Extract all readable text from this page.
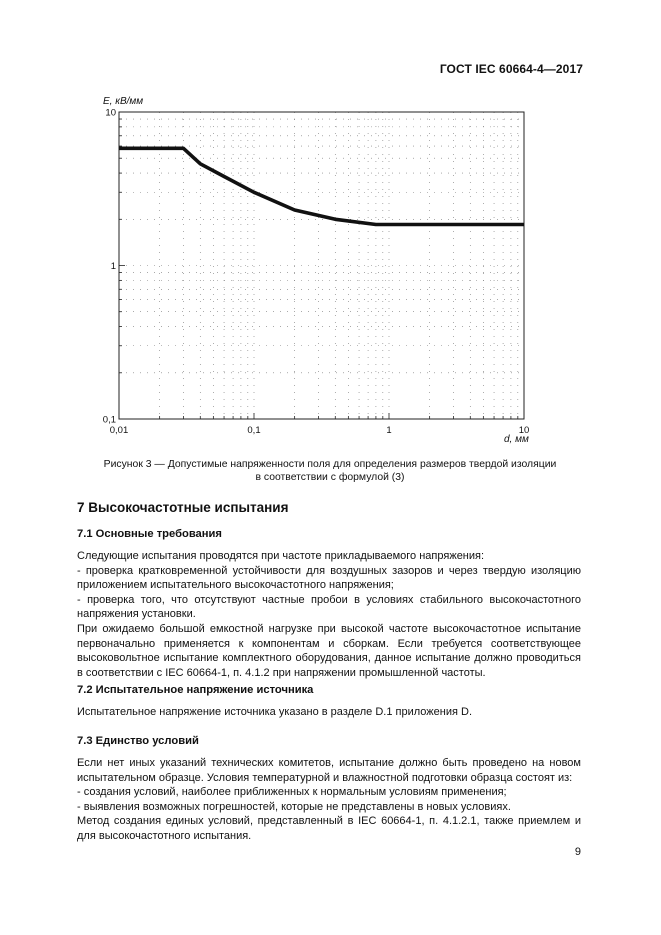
ГОСТ IEC 60664-4—2017
0,01	0,1	1	10
10
1
0,1
E, кВ/мм
d, мм
Рисунок 3 — Допустимые напряженности поля для определения размеров твердой изоляции
в соответствии с формулой (3)
7 Высокочастотные испытания
7.1 Основные требования

Следующие испытания проводятся при частоте прикладываемого напряжения:

- проверка кратковременной устойчивости для воздушных зазоров и через твердую изоляцию приложением испытательного высокочастотного напряжения;

- проверка того, что отсутствуют частные пробои в условиях стабильного высокочастотного напряжения установки.

При ожидаемо большой емкостной нагрузке при высокой частоте высокочастотное испытание первоначально применяется к компонентам и сборкам. Если требуется соответствующее высоковольтное испытание комплектного оборудования, данное испытание должно проводиться в соответствии с IEC 60664-1, п. 4.1.2 при напряжении промышленной частоты.

7.2 Испытательное напряжение источника

Испытательное напряжение источника указано в разделе D.1 приложения D.

7.3 Единство условий

Если нет иных указаний технических комитетов, испытание должно быть проведено на новом испытательном образце. Условия температурной и влажностной подготовки образца состоят из:

- создания условий, наиболее приближенных к нормальным условиям применения;

- выявления возможных погрешностей, которые не представлены в новых условиях.

Метод создания единых условий, представленный в IEC 60664-1, п. 4.1.2.1, также приемлем и для высокочастотного испытания.

9
